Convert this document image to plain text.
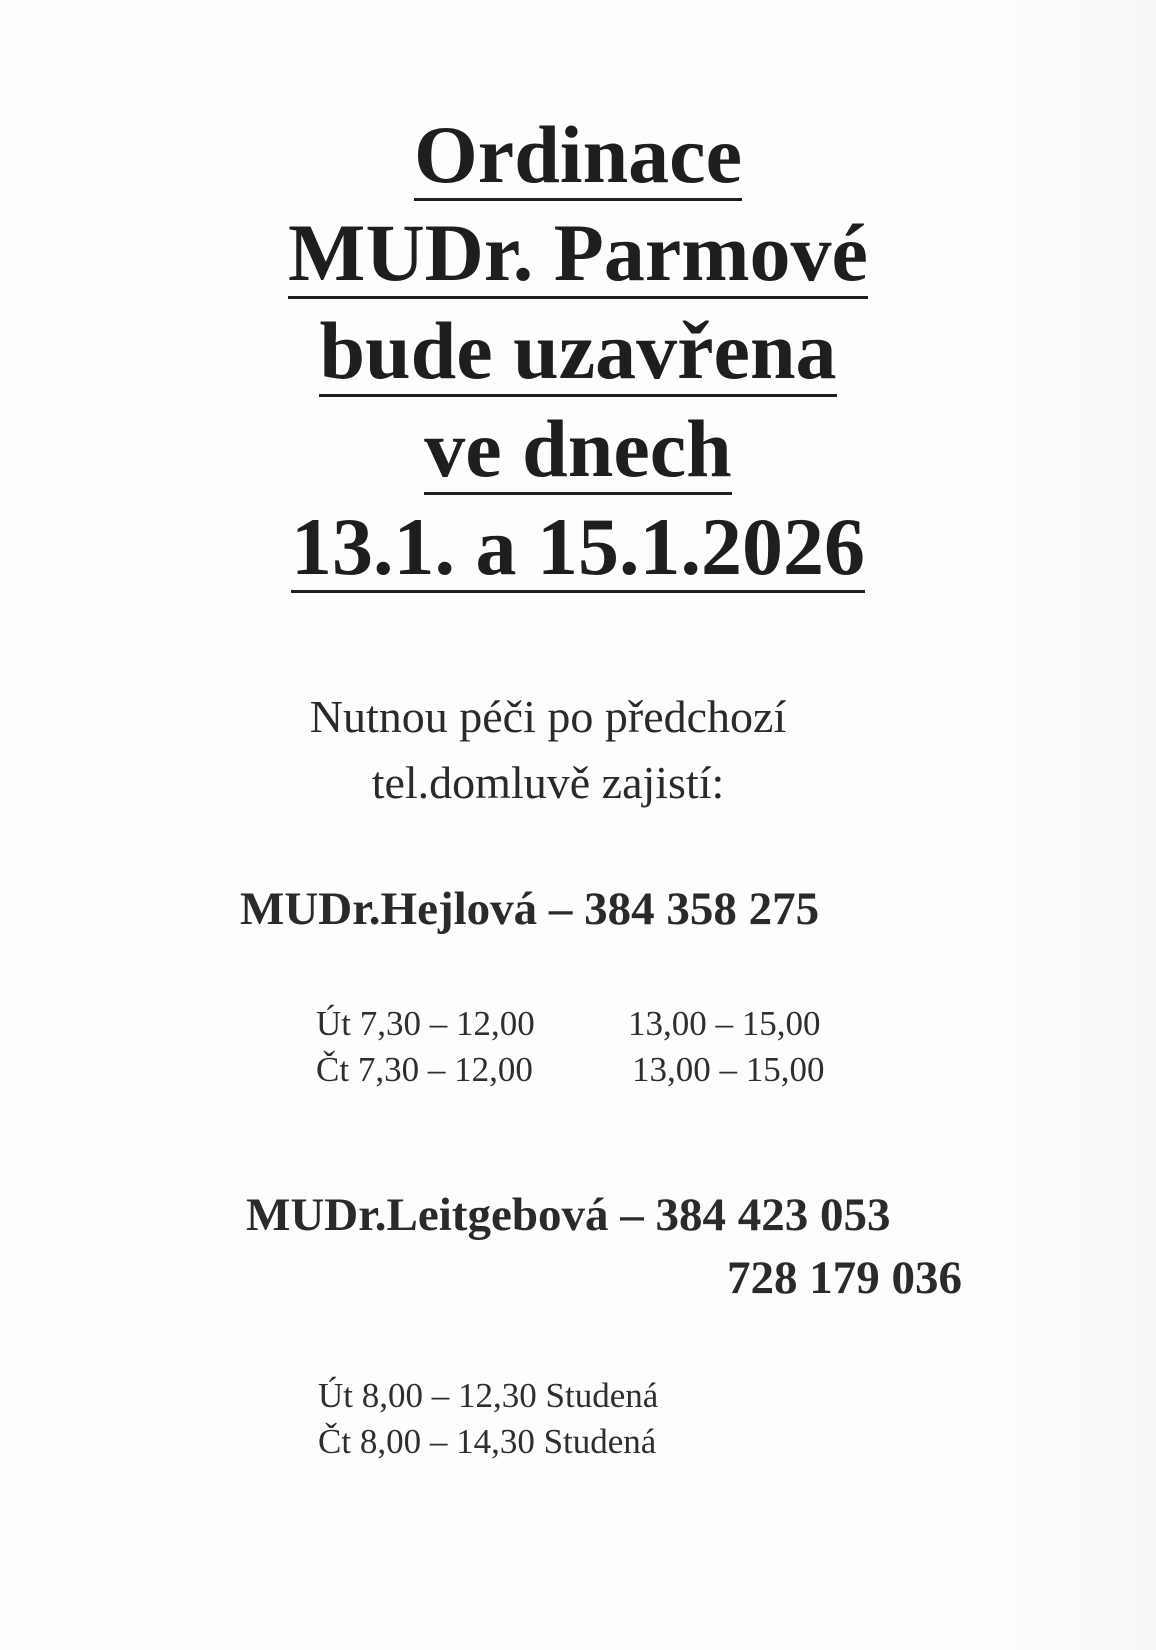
Ordinace
MUDr. Parmové
bude uzavřena
ve dnech
13.1. a 15.1.2026
Nutnou péči po předchozí
tel.domluvě zajistí:
MUDr.Hejlová – 384 358 275
Út 7,30 – 12,00	13,00 – 15,00
Čt 7,30 – 12,00	13,00 – 15,00
MUDr.Leitgebová – 384 423 053
728 179 036
Út 8,00 – 12,30 Studená
Čt 8,00 – 14,30 Studená
